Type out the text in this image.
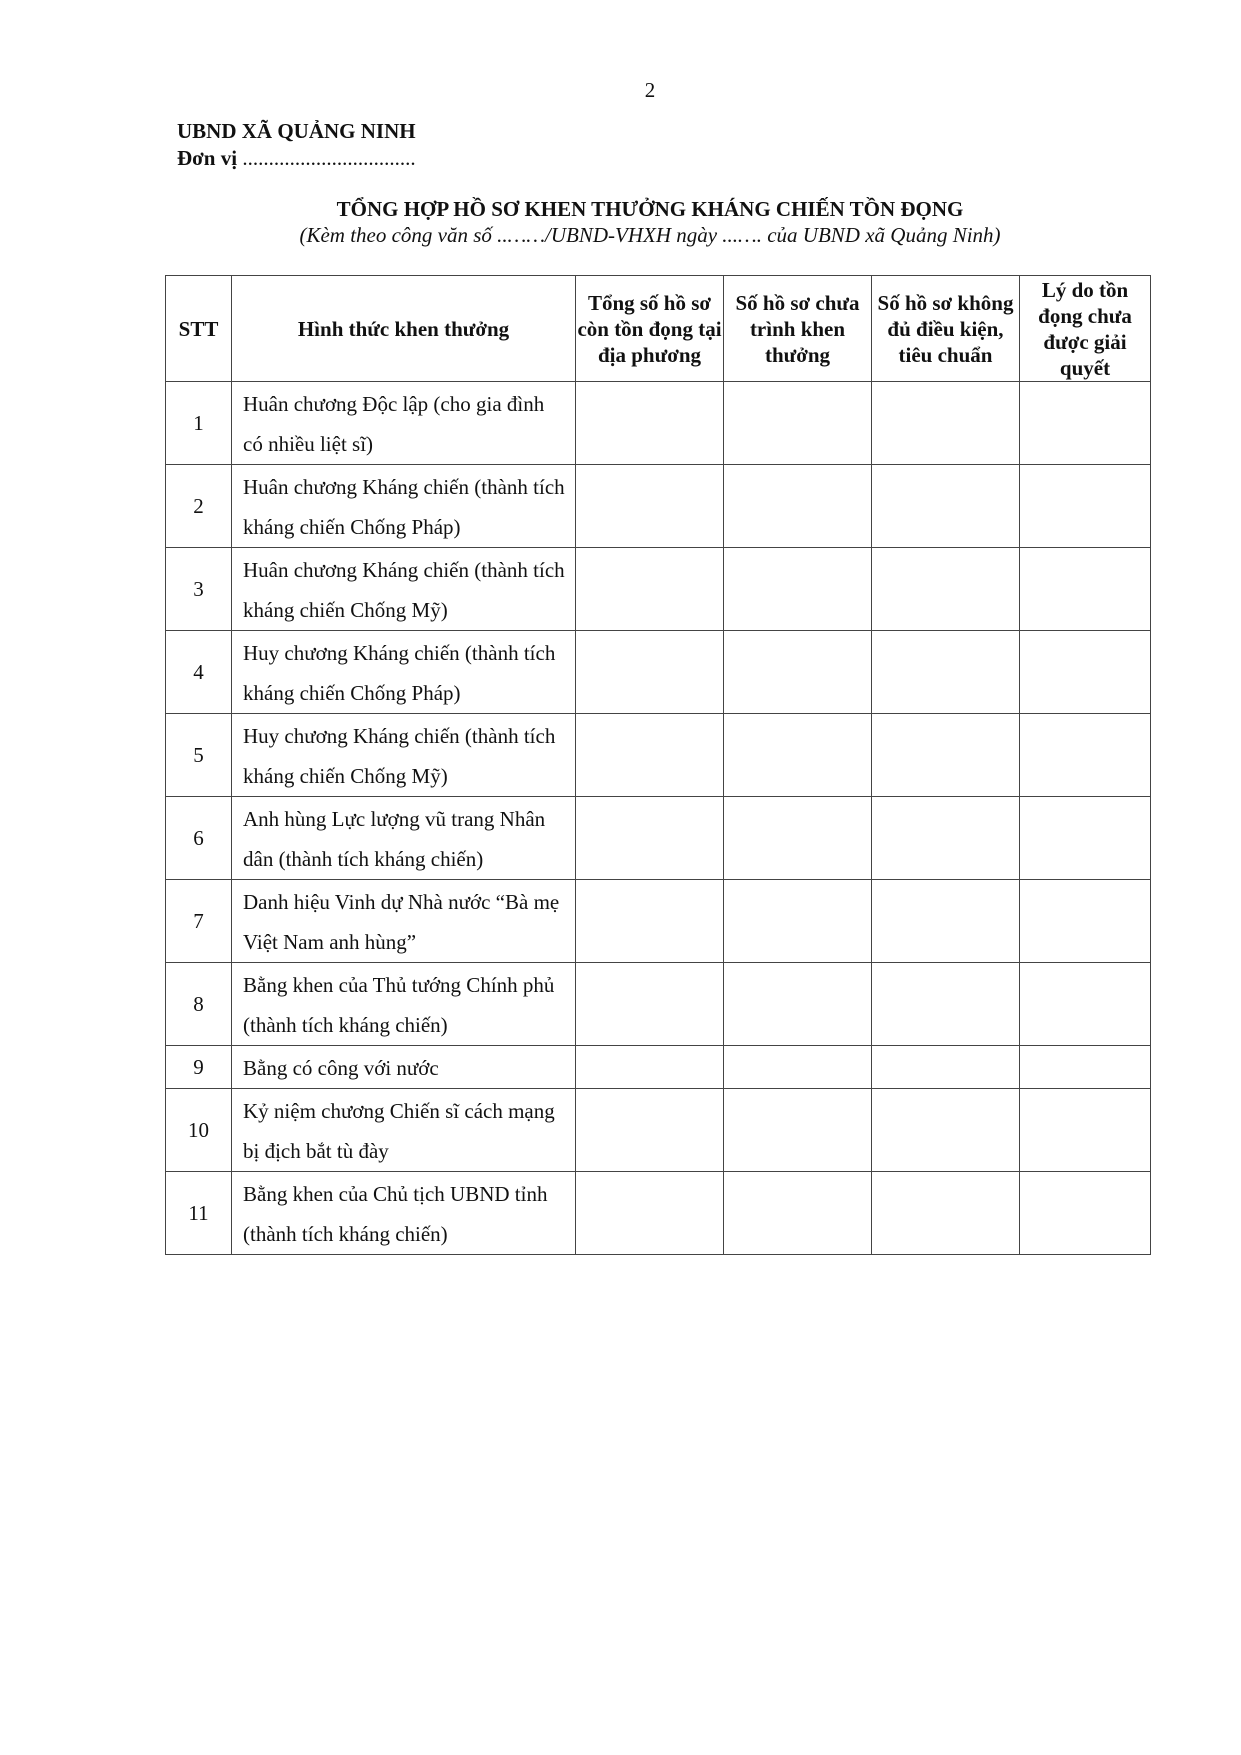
2
UBND XÃ QUẢNG NINH
Đơn vị .................................
TỔNG HỢP HỒ SƠ KHEN THƯỞNG KHÁNG CHIẾN TỒN ĐỌNG
(Kèm theo công văn số ..……/UBND-VHXH ngày ...…. của UBND xã Quảng Ninh)
STT	Hình thức khen thưởng	Tổng số hồ sơ còn tồn đọng tại địa phương	Số hồ sơ chưa trình khen thưởng	Số hồ sơ không đủ điều kiện, tiêu chuẩn	Lý do tồn đọng chưa được giải quyết
1	Huân chương Độc lập (cho gia đình có nhiều liệt sĩ)				
2	Huân chương Kháng chiến (thành tích kháng chiến Chống Pháp)				
3	Huân chương Kháng chiến (thành tích kháng chiến Chống Mỹ)				
4	Huy chương Kháng chiến (thành tích kháng chiến Chống Pháp)				
5	Huy chương Kháng chiến (thành tích kháng chiến Chống Mỹ)				
6	Anh hùng Lực lượng vũ trang Nhân dân (thành tích kháng chiến)				
7	Danh hiệu Vinh dự Nhà nước “Bà mẹ Việt Nam anh hùng”				
8	Bằng khen của Thủ tướng Chính phủ (thành tích kháng chiến)				
9	Bằng có công với nước				
10	Kỷ niệm chương Chiến sĩ cách mạng bị địch bắt tù đày				
11	Bằng khen của Chủ tịch UBND tỉnh (thành tích kháng chiến)				
